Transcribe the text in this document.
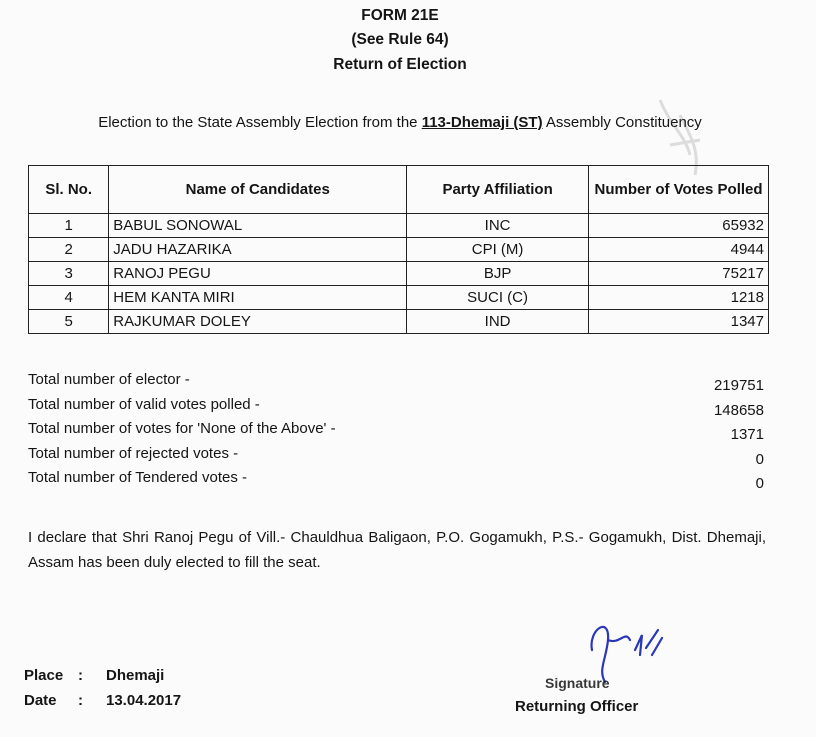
FORM 21E
(See Rule 64)
Return of Election
Election to the State Assembly Election from the 113-Dhemaji (ST) Assembly Constituency
Sl. No.	Name of Candidates	Party Affiliation	Number of Votes Polled
1	BABUL SONOWAL	INC	65932
2	JADU HAZARIKA	CPI (M)	4944
3	RANOJ PEGU	BJP	75217
4	HEM KANTA MIRI	SUCI (C)	1218
5	RAJKUMAR DOLEY	IND	1347
Total number of elector -	219751
Total number of valid votes polled -	148658
Total number of votes for 'None of the Above' -	1371
Total number of rejected votes -	0
Total number of Tendered votes -	0
I declare that Shri Ranoj Pegu of Vill.- Chauldhua Baligaon, P.O. Gogamukh, P.S.- Gogamukh, Dist. Dhemaji, Assam has been duly elected to fill the seat.
Place : Dhemaji
Date : 13.04.2017
Signature
Returning Officer
